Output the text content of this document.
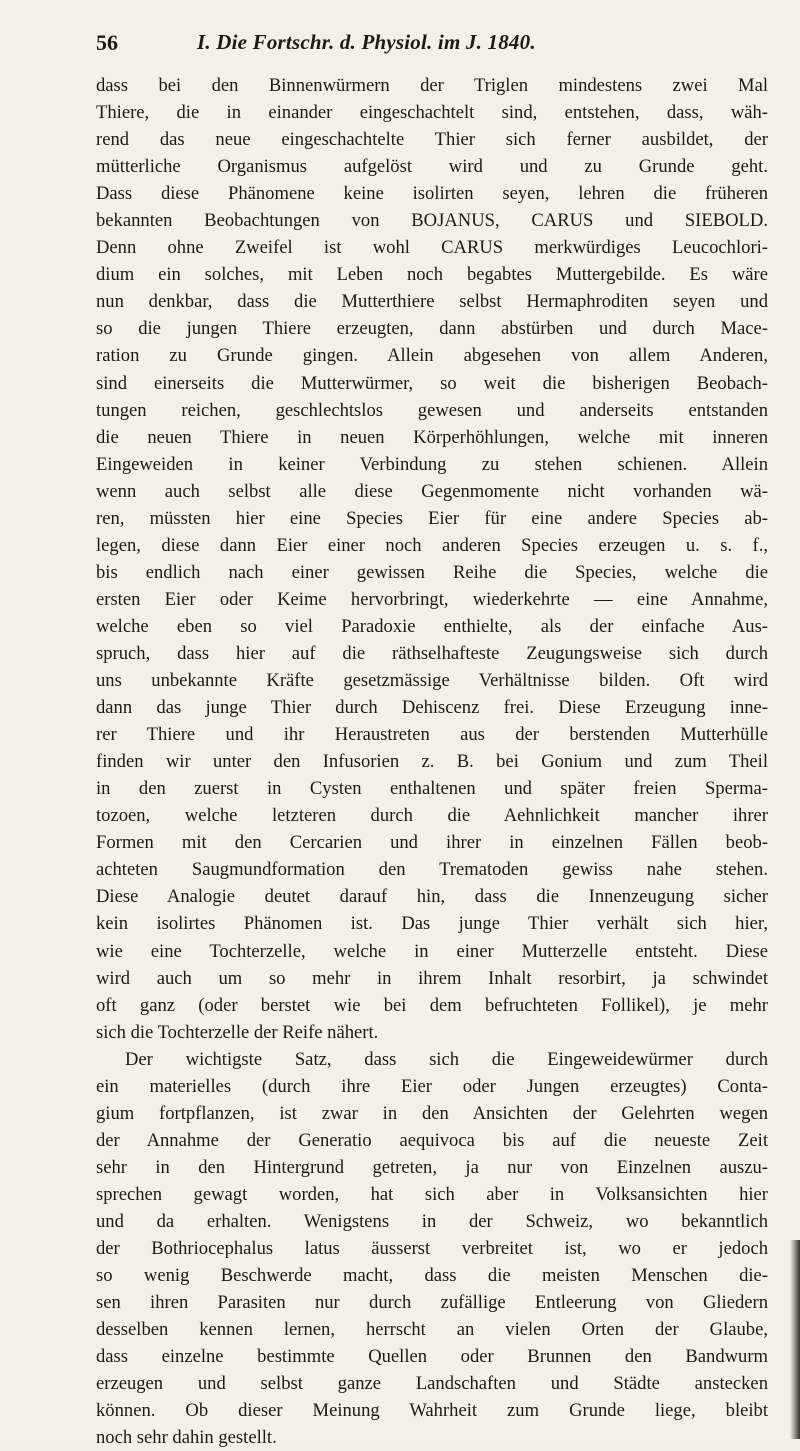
56	I. Die Fortschr. d. Physiol. im J. 1840.
dass bei den Binnenwürmern der Triglen mindestens zwei Mal
Thiere, die in einander eingeschachtelt sind, entstehen, dass, wäh-
rend das neue eingeschachtelte Thier sich ferner ausbildet, der
mütterliche Organismus aufgelöst wird und zu Grunde geht.
Dass diese Phänomene keine isolirten seyen, lehren die früheren
bekannten Beobachtungen von BOJANUS, CARUS und SIEBOLD.
Denn ohne Zweifel ist wohl CARUS merkwürdiges Leucochlori-
dium ein solches, mit Leben noch begabtes Muttergebilde. Es wäre
nun denkbar, dass die Mutterthiere selbst Hermaphroditen seyen und
so die jungen Thiere erzeugten, dann abstürben und durch Mace-
ration zu Grunde gingen. Allein abgesehen von allem Anderen,
sind einerseits die Mutterwürmer, so weit die bisherigen Beobach-
tungen reichen, geschlechtslos gewesen und anderseits entstanden
die neuen Thiere in neuen Körperhöhlungen, welche mit inneren
Eingeweiden in keiner Verbindung zu stehen schienen. Allein
wenn auch selbst alle diese Gegenmomente nicht vorhanden wä-
ren, müssten hier eine Species Eier für eine andere Species ab-
legen, diese dann Eier einer noch anderen Species erzeugen u. s. f.,
bis endlich nach einer gewissen Reihe die Species, welche die
ersten Eier oder Keime hervorbringt, wiederkehrte — eine Annahme,
welche eben so viel Paradoxie enthielte, als der einfache Aus-
spruch, dass hier auf die räthselhafteste Zeugungsweise sich durch
uns unbekannte Kräfte gesetzmässige Verhältnisse bilden. Oft wird
dann das junge Thier durch Dehiscenz frei. Diese Erzeugung inne-
rer Thiere und ihr Heraustreten aus der berstenden Mutterhülle
finden wir unter den Infusorien z. B. bei Gonium und zum Theil
in den zuerst in Cysten enthaltenen und später freien Sperma-
tozoen, welche letzteren durch die Aehnlichkeit mancher ihrer
Formen mit den Cercarien und ihrer in einzelnen Fällen beob-
achteten Saugmundformation den Trematoden gewiss nahe stehen.
Diese Analogie deutet darauf hin, dass die Innenzeugung sicher
kein isolirtes Phänomen ist. Das junge Thier verhält sich hier,
wie eine Tochterzelle, welche in einer Mutterzelle entsteht. Diese
wird auch um so mehr in ihrem Inhalt resorbirt, ja schwindet
oft ganz (oder berstet wie bei dem befruchteten Follikel), je mehr
sich die Tochterzelle der Reife nähert.
Der wichtigste Satz, dass sich die Eingeweidewürmer durch
ein materielles (durch ihre Eier oder Jungen erzeugtes) Conta-
gium fortpflanzen, ist zwar in den Ansichten der Gelehrten wegen
der Annahme der Generatio aequivoca bis auf die neueste Zeit
sehr in den Hintergrund getreten, ja nur von Einzelnen auszu-
sprechen gewagt worden, hat sich aber in Volksansichten hier
und da erhalten. Wenigstens in der Schweiz, wo bekanntlich
der Bothriocephalus latus äusserst verbreitet ist, wo er jedoch
so wenig Beschwerde macht, dass die meisten Menschen die-
sen ihren Parasiten nur durch zufällige Entleerung von Gliedern
desselben kennen lernen, herrscht an vielen Orten der Glaube,
dass einzelne bestimmte Quellen oder Brunnen den Bandwurm
erzeugen und selbst ganze Landschaften und Städte anstecken
können. Ob dieser Meinung Wahrheit zum Grunde liege, bleibt
noch sehr dahin gestellt.
